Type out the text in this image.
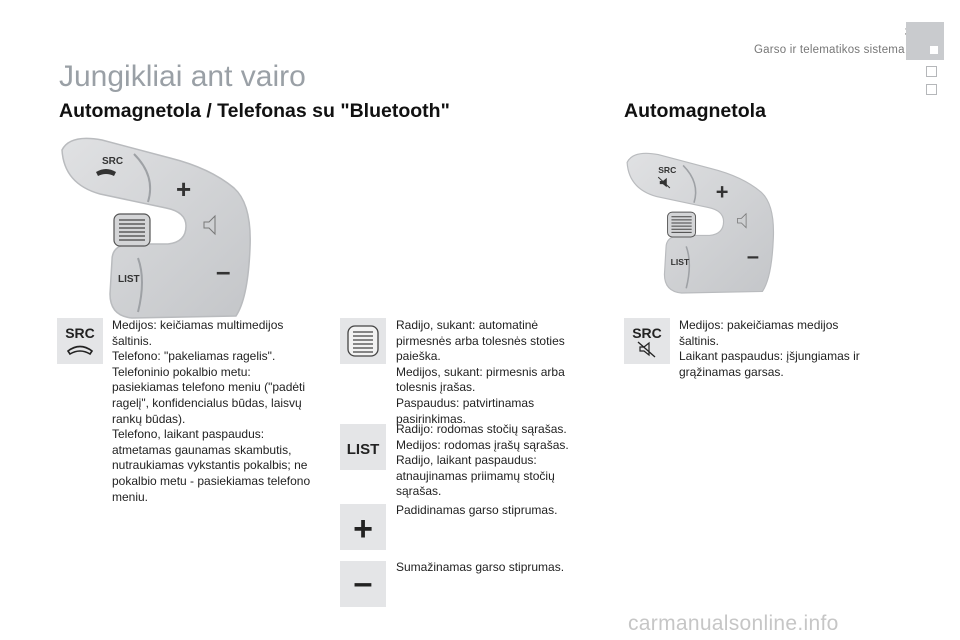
Garso ir telematikos sistema
Jungikliai ant vairo
Automagnetola / Telefonas su "Bluetooth"	Automagnetola
SRC
+
–
LIST
SRC
+
–
LIST
SRC Medijos: keičiamas multimedijos
šaltinis.
Telefono: "pakeliamas ragelis".
Telefoninio pokalbio metu:
pasiekiamas telefono meniu ("padėti
ragelį", konfidencialus būdas, laisvų
rankų būdas).
Telefono, laikant paspaudus:
atmetamas gaunamas skambutis,
nutraukiamas vykstantis pokalbis; ne
pokalbio metu - pasiekiamas telefono
meniu.
Radijo, sukant: automatinė
pirmesnės arba tolesnės stoties
paieška.
Medijos, sukant: pirmesnis arba
tolesnis įrašas.
Paspaudus: patvirtinamas
pasirinkimas.
LIST
Radijo: rodomas stočių sąrašas.
Medijos: rodomas įrašų sąrašas.
Radijo, laikant paspaudus:
atnaujinamas priimamų stočių
sąrašas.
+ Padidinamas garso stiprumas.
– Sumažinamas garso stiprumas.
SRC Medijos: pakeičiamas medijos
šaltinis.
Laikant paspaudus: įšjungiamas ir
grąžinamas garsas.
carmanualsonline.info
